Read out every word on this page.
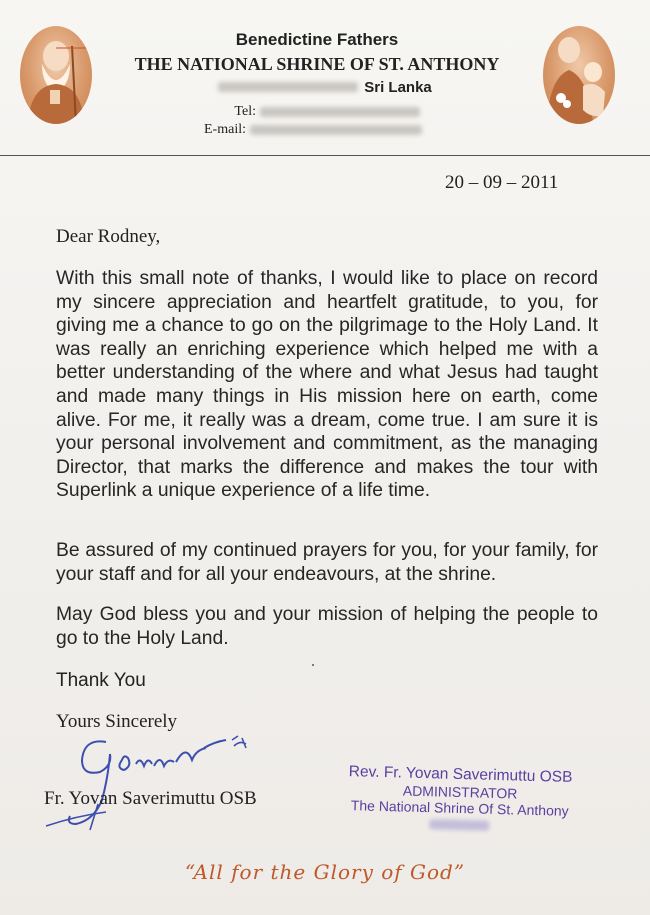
Benedictine Fathers
THE NATIONAL SHRINE OF ST. ANTHONY
Sri Lanka
Tel:
E-mail:
20 – 09 – 2011
Dear Rodney,
With this small note of thanks, I would like to place on record my sincere appreciation and heartfelt gratitude, to you, for giving me a chance to go on the pilgrimage to the Holy Land. It was really an enriching experience which helped me with a better understanding of the where and what Jesus had taught and made many things in His mission here on earth, come alive. For me, it really was a dream, come true. I am sure it is your personal involvement and commitment, as the managing Director, that marks the difference and makes the tour with Superlink a unique experience of a life time.
Be assured of my continued prayers for you, for your family, for your staff and for all your endeavours, at the shrine.
May God bless you and your mission of helping the people to go to the Holy Land.
Thank You
Yours Sincerely
Fr. Yovan Saverimuttu OSB
Rev. Fr. Yovan Saverimuttu OSB
ADMINISTRATOR
The National Shrine Of St. Anthony
“All for the Glory of God”
